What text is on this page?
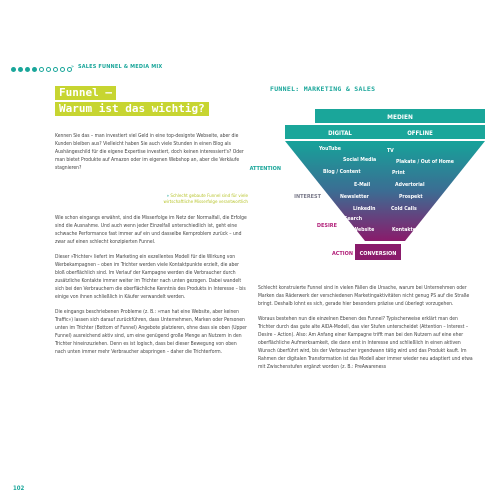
» SALES FUNNEL & MEDIA MIX
Funnel –
Warum ist das wichtig?

Kennen Sie das – man investiert viel Geld in eine top-designte Webseite, aber die Kunden bleiben aus? Vielleicht haben Sie auch viele Stunden in einen Blog als Aushängeschild für die eigene Expertise investiert, doch keinen interessiert's? Oder man bietet Produkte auf Amazon oder im eigenen Webshop an, aber die Verkäufe stagnieren?

» Schlecht gebaute Funnel sind für viele wirtschaftliche Misserfolge verantwortlich

Wie schon eingangs erwähnt, sind die Misserfolge im Netz der Normalfall, die Erfolge sind die Ausnahme. Und auch wenn jeder Einzelfall unterschiedlich ist, geht eine schwache Performance fast immer auf ein und dasselbe Kernproblem zurück – und zwar auf einen schlecht konzipierten Funnel.

Dieser »Trichter« liefert im Marketing ein exzellentes Modell für die Wirkung von Werbekampagnen – oben im Trichter werden viele Kontaktpunkte erzielt, die aber bloß oberflächlich sind. Im Verlauf der Kampagne werden die Verbraucher durch zusätzliche Kontakte immer weiter im Trichter nach unten gezogen. Dabei wandelt sich bei den Verbrauchern die oberflächliche Kenntnis des Produkts in Interesse – bis einige von ihnen schließlich in Käufer verwandelt werden.

Die eingangs beschriebenen Probleme (z. B.: »man hat eine Website, aber keinen Traffic«) lassen sich darauf zurückführen, dass Unternehmen, Marken oder Personen unten im Trichter (Bottom of Funnel) Angebote platzieren, ohne dass sie oben (Upper Funnel) ausreichend aktiv sind, um eine genügend große Menge an Nutzern in den Trichter hineinzuziehen. Denn es ist logisch, dass bei dieser Bewegung von oben nach unten immer mehr Verbraucher abspringen – daher die Trichterform.

102
FUNNEL: MARKETING & SALES
MEDIEN
DIGITAL	OFFLINE
CONVERSION
ATTENTION
INTEREST
DESIRE
ACTION
YouTube
Social Media
Blog / Content
E-Mail
Newsletter
LinkedIn
Search
Website
TV
Plakate / Out of Home
Print
Advertorial
Prospekt
Cold Calls
Kontakte

Schlecht konstruierte Funnel sind in vielen Fällen die Ursache, warum bei Unternehmen oder Marken das Räderwerk der verschiedenen Marketingaktivitäten nicht genug PS auf die Straße bringt. Deshalb lohnt es sich, gerade hier besonders präzise und überlegt vorzugehen.

Woraus bestehen nun die einzelnen Ebenen des Funnel? Typischerweise erklärt man den Trichter durch das gute alte AIDA-Modell, das vier Stufen unterscheidet (Attention – Interest – Desire – Action). Also: Am Anfang einer Kampagne trifft man bei den Nutzern auf eine eher oberflächliche Aufmerksamkeit, die dann erst in Interesse und schließlich in einen aktiven Wunsch überführt wird, bis der Verbraucher irgendwann tätig wird und das Produkt kauft. Im Rahmen der digitalen Transformation ist das Modell aber immer wieder neu adaptiert und etwa mit Zwischenstufen ergänzt worden (z. B.: PreAwareness
